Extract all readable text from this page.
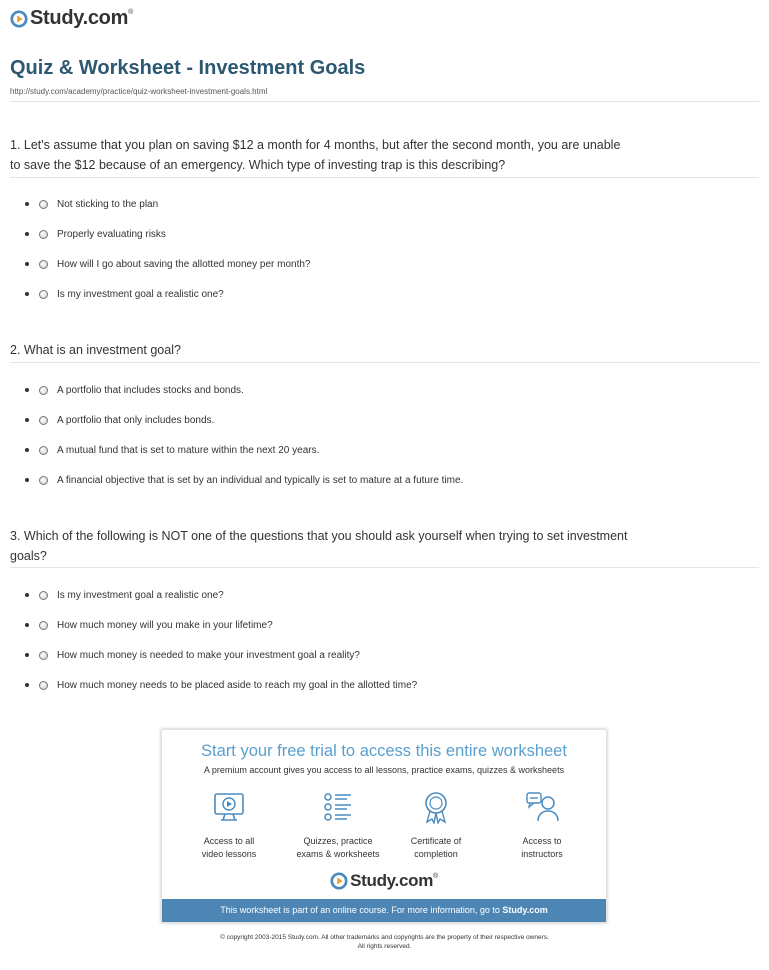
Study.com®
Quiz & Worksheet - Investment Goals
http://study.com/academy/practice/quiz-worksheet-investment-goals.html

1. Let's assume that you plan on saving $12 a month for 4 months, but after the second month, you are unable to save the $12 because of an emergency. Which type of investing trap is this describing?

Not sticking to the plan
Properly evaluating risks
How will I go about saving the allotted money per month?
Is my investment goal a realistic one?

2. What is an investment goal?

A portfolio that includes stocks and bonds.
A portfolio that only includes bonds.
A mutual fund that is set to mature within the next 20 years.
A financial objective that is set by an individual and typically is set to mature at a future time.

3. Which of the following is NOT one of the questions that you should ask yourself when trying to set investment goals?

Is my investment goal a realistic one?
How much money will you make in your lifetime?
How much money is needed to make your investment goal a reality?
How much money needs to be placed aside to reach my goal in the allotted time?
Start your free trial to access this entire worksheet
A premium account gives you access to all lessons, practice exams, quizzes & worksheets
Access to all
video lessons
Quizzes, practice
exams & worksheets
Certificate of
completion
Access to
instructors
Study.com®
This worksheet is part of an online course. For more information, go to Study.com
© copyright 2003-2015 Study.com. All other trademarks and copyrights are the property of their respective owners.
All rights reserved.
